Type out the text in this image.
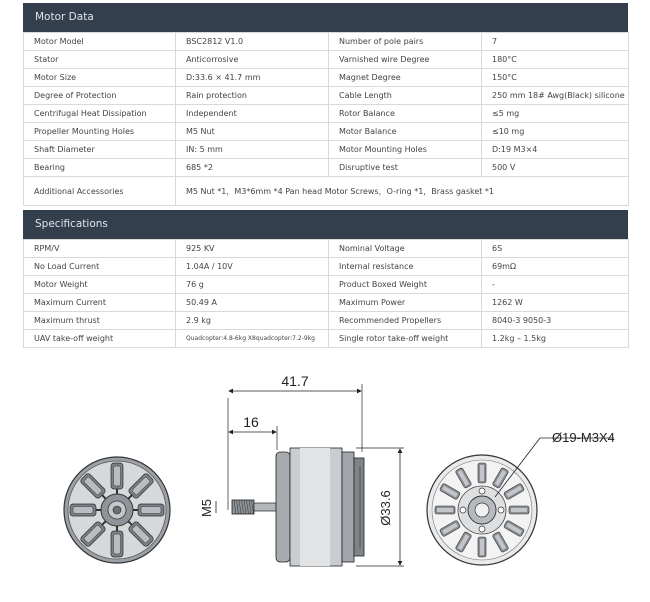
Motor Data
Motor Model	BSC2812 V1.0	Number of pole pairs	7
Stator	Anticorrosive	Varnished wire Degree	180°C
Motor Size	D:33.6 × 41.7 mm	Magnet Degree	150°C
Degree of Protection	Rain protection	Cable Length	250 mm 18# Awg(Black) silicone
Centrifugal Heat Dissipation	Independent	Rotor Balance	≤5 mg
Propeller Mounting Holes	M5 Nut	Motor Balance	≤10 mg
Shaft Diameter	IN: 5 mm	Motor Mounting Holes	D:19 M3×4
Bearing	685 *2	Disruptive test	500 V
Additional Accessories	M5 Nut *1，M3*6mm *4 Pan head Motor Screws，O-ring *1，Brass gasket *1		
Specifications
RPM/V	925 KV	Nominal Voltage	6S
No Load Current	1.04A / 10V	Internal resistance	69mΩ
Motor Weight	76 g	Product Boxed Weight	-
Maximum Current	50.49 A	Maximum Power	1262 W
Maximum thrust	2.9 kg	Recommended Propellers	8040-3 9050-3
UAV take-off weight	Quadcopter:4.8-6kg X8quadcopter:7.2-9kg	Single rotor take-off weight	1.2kg – 1.5kg
41.7
16
M5	Ø33.6
Ø19-M3X4
